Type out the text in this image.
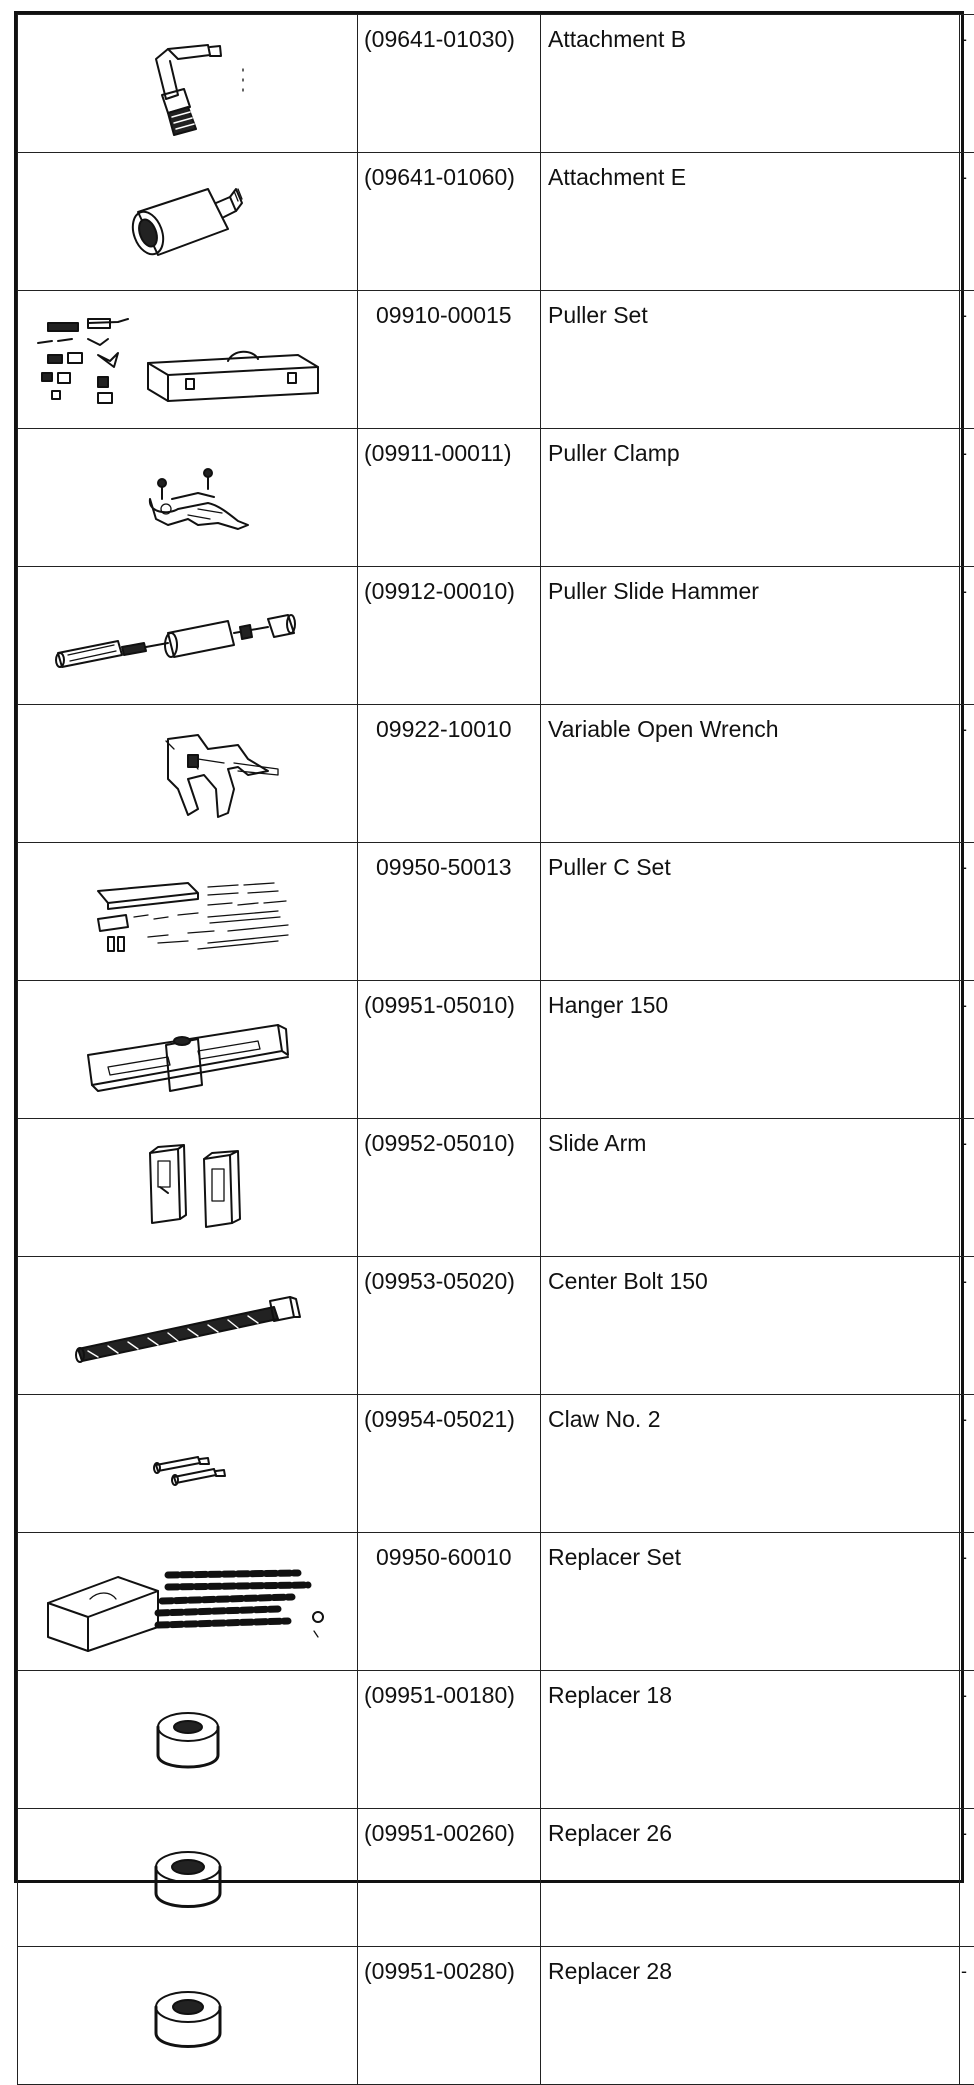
	(09641-01030)	Attachment B	-

	(09641-01060)	Attachment E	-

	09910-00015	Puller Set	-

	(09911-00011)	Puller Clamp	-

	(09912-00010)	Puller Slide Hammer	-

	09922-10010	Variable Open Wrench	-

	09950-50013	Puller C Set	-

	(09951-05010)	Hanger 150	-

	(09952-05010)	Slide Arm	-

	(09953-05020)	Center Bolt 150	-

	(09954-05021)	Claw No. 2	-

	09950-60010	Replacer Set	-

	(09951-00180)	Replacer 18	-

	(09951-00260)	Replacer 26	-

	(09951-00280)	Replacer 28	-
